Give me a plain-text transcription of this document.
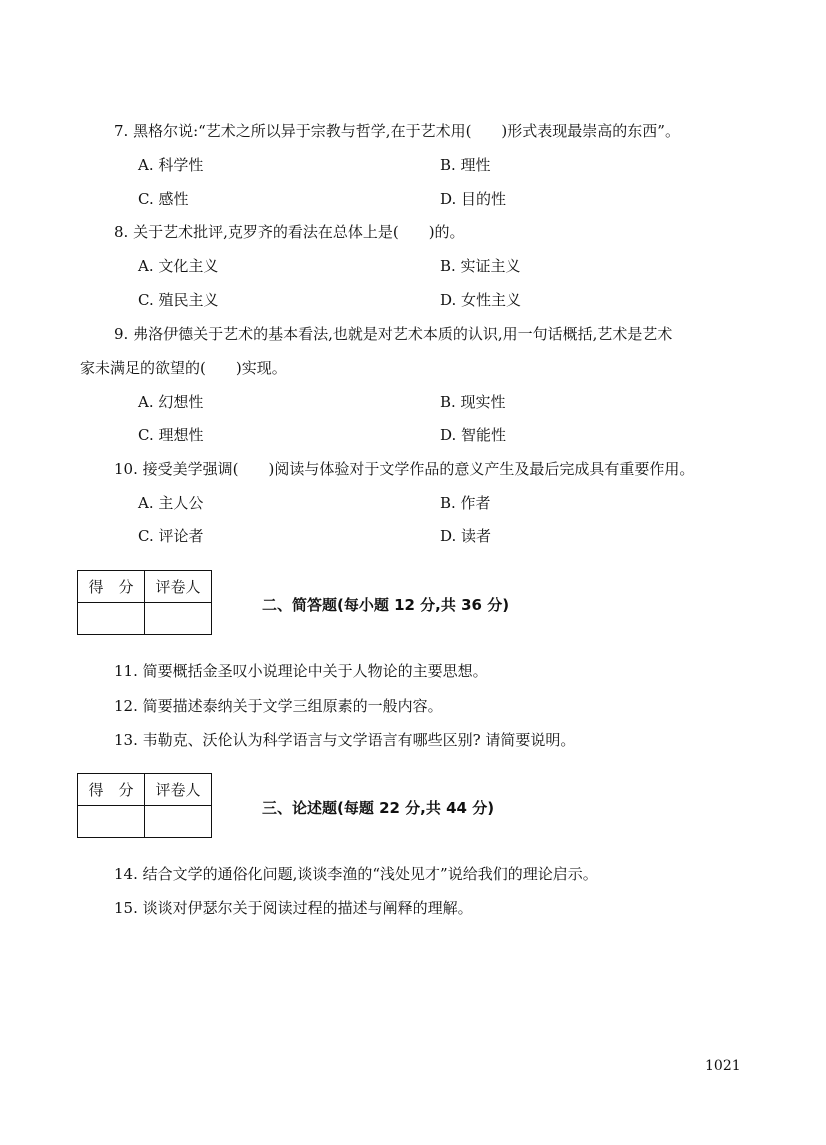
7. 黑格尔说:“艺术之所以异于宗教与哲学,在于艺术用(　　)形式表现最崇高的东西”。
A. 科学性	B. 理性
C. 感性	D. 目的性
8. 关于艺术批评,克罗齐的看法在总体上是(　　)的。
A. 文化主义	B. 实证主义
C. 殖民主义	D. 女性主义
9. 弗洛伊德关于艺术的基本看法,也就是对艺术本质的认识,用一句话概括,艺术是艺术
家未满足的欲望的(　　)实现。
A. 幻想性	B. 现实性
C. 理想性	D. 智能性
10. 接受美学强调(　　)阅读与体验对于文学作品的意义产生及最后完成具有重要作用。
A. 主人公	B. 作者
C. 评论者	D. 读者
得　分	评卷人

二、简答题(每小题 12 分,共 36 分)
11. 简要概括金圣叹小说理论中关于人物论的主要思想。
12. 简要描述泰纳关于文学三组原素的一般内容。
13. 韦勒克、沃伦认为科学语言与文学语言有哪些区别? 请简要说明。
得　分	评卷人

三、论述题(每题 22 分,共 44 分)
14. 结合文学的通俗化问题,谈谈李渔的“浅处见才”说给我们的理论启示。
15. 谈谈对伊瑟尔关于阅读过程的描述与阐释的理解。
1021
